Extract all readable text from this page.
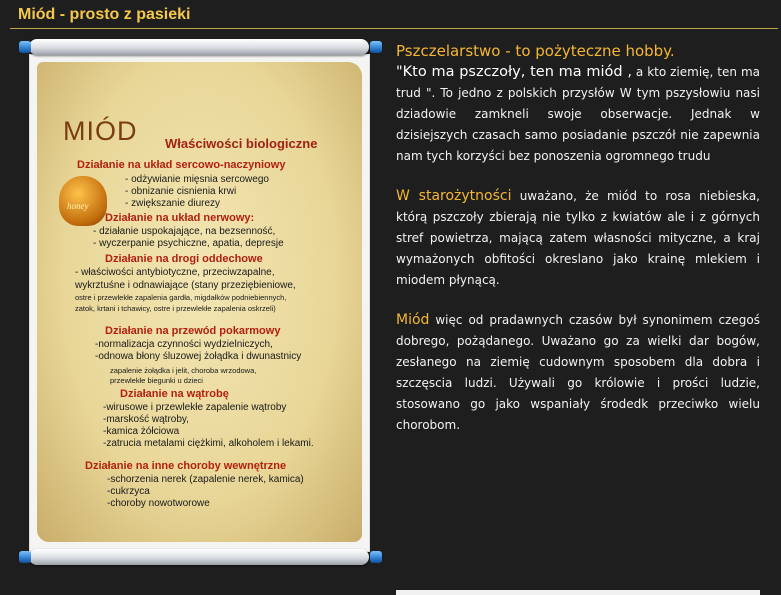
Miód - prosto z pasieki
MIÓD Właściwości biologiczne
honey
Działanie na układ sercowo-naczyniowy
- odżywianie mięsnia sercowego
- obnizanie cisnienia krwi
- zwiększanie diurezy
Działanie na układ nerwowy:
- działanie uspokajające, na bezsenność,
- wyczerpanie psychiczne, apatia, depresje
Działanie na drogi oddechowe
- właściwości antybiotyczne, przeciwzapalne,
wykrztuśne i odnawiające (stany przeziębieniowe,
ostre i przewlekłe zapalenia gardła, migdałków podniebiennych,
zatok, krtani i tchawicy, ostre i przewlekłe zapalenia oskrzeli)
Działanie na przewód pokarmowy
-normalizacja czynności wydzielniczych,
-odnowa błony śluzowej żołądka i dwunastnicy
zapalenie żołądka i jelit, choroba wrzodowa,
przewlekłe biegunki u dzieci
Działanie na wątrobę
-wirusowe i przewlekłe zapalenie wątroby
-marskość wątroby,
-kamica żółciowa
-zatrucia metalami ciężkimi, alkoholem i lekami.
Działanie na inne choroby wewnętrzne
-schorzenia nerek (zapalenie nerek, kamica)
-cukrzyca
-choroby nowotworowe

Pszczelarstwo - to pożyteczne hobby.
"Kto ma pszczoły, ten ma miód , a kto ziemię, ten ma trud ". To jedno z polskich przysłów W tym pszysłowiu nasi dziadowie zamkneli swoje obserwacje. Jednak w dzisiejszych czasach samo posiadanie pszczół nie zapewnia nam tych korzyści bez ponoszenia ogromnego trudu

W starożytności uważano, że miód to rosa niebieska, którą pszczoły zbierają nie tylko z kwiatów ale i z górnych stref powietrza, mającą zatem własności mityczne, a kraj wymażonych obfitości okreslano jako krainę mlekiem i miodem płynącą.

Miód więc od pradawnych czasów był synonimem czegoś dobrego, pożądanego. Uważano go za wielki dar bogów, zesłanego na ziemię cudownym sposobem dla dobra i szczęscia ludzi. Używali go królowie i prości ludzie, stosowano go jako wspaniały środedk przeciwko wielu chorobom.
